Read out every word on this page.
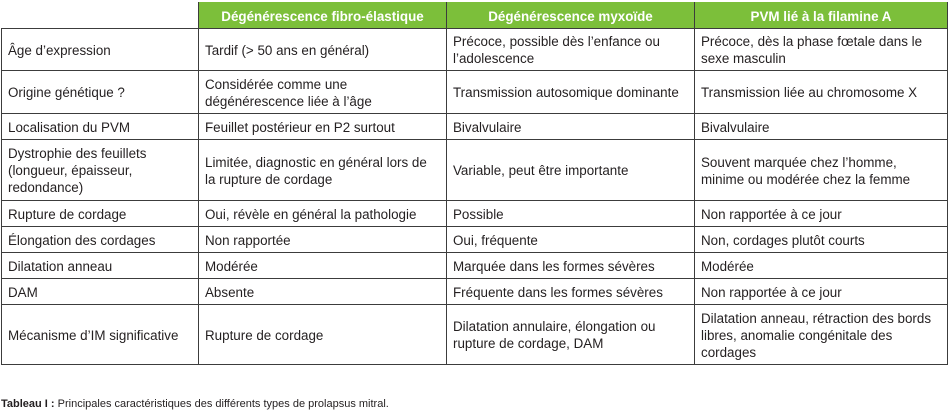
	Dégénérescence fibro-élastique	Dégénérescence myxoïde	PVM lié à la filamine A
Âge d’expression	Tardif (> 50 ans en général)	Précoce, possible dès l’enfance ou l’adolescence	Précoce, dès la phase fœtale dans le sexe masculin
Origine génétique ?	Considérée comme une dégénérescence liée à l’âge	Transmission autosomique dominante	Transmission liée au chromosome X
Localisation du PVM	Feuillet postérieur en P2 surtout	Bivalvulaire	Bivalvulaire
Dystrophie des feuillets (longueur, épaisseur, redondance)	Limitée, diagnostic en général lors de la rupture de cordage	Variable, peut être importante	Souvent marquée chez l’homme, minime ou modérée chez la femme
Rupture de cordage	Oui, révèle en général la pathologie	Possible	Non rapportée à ce jour
Élongation des cordages	Non rapportée	Oui, fréquente	Non, cordages plutôt courts
Dilatation anneau	Modérée	Marquée dans les formes sévères	Modérée
DAM	Absente	Fréquente dans les formes sévères	Non rapportée à ce jour
Mécanisme d’IM significative	Rupture de cordage	Dilatation annulaire, élongation ou rupture de cordage, DAM	Dilatation anneau, rétraction des bords libres, anomalie congénitale des cordages
Tableau I : Principales caractéristiques des différents types de prolapsus mitral.
